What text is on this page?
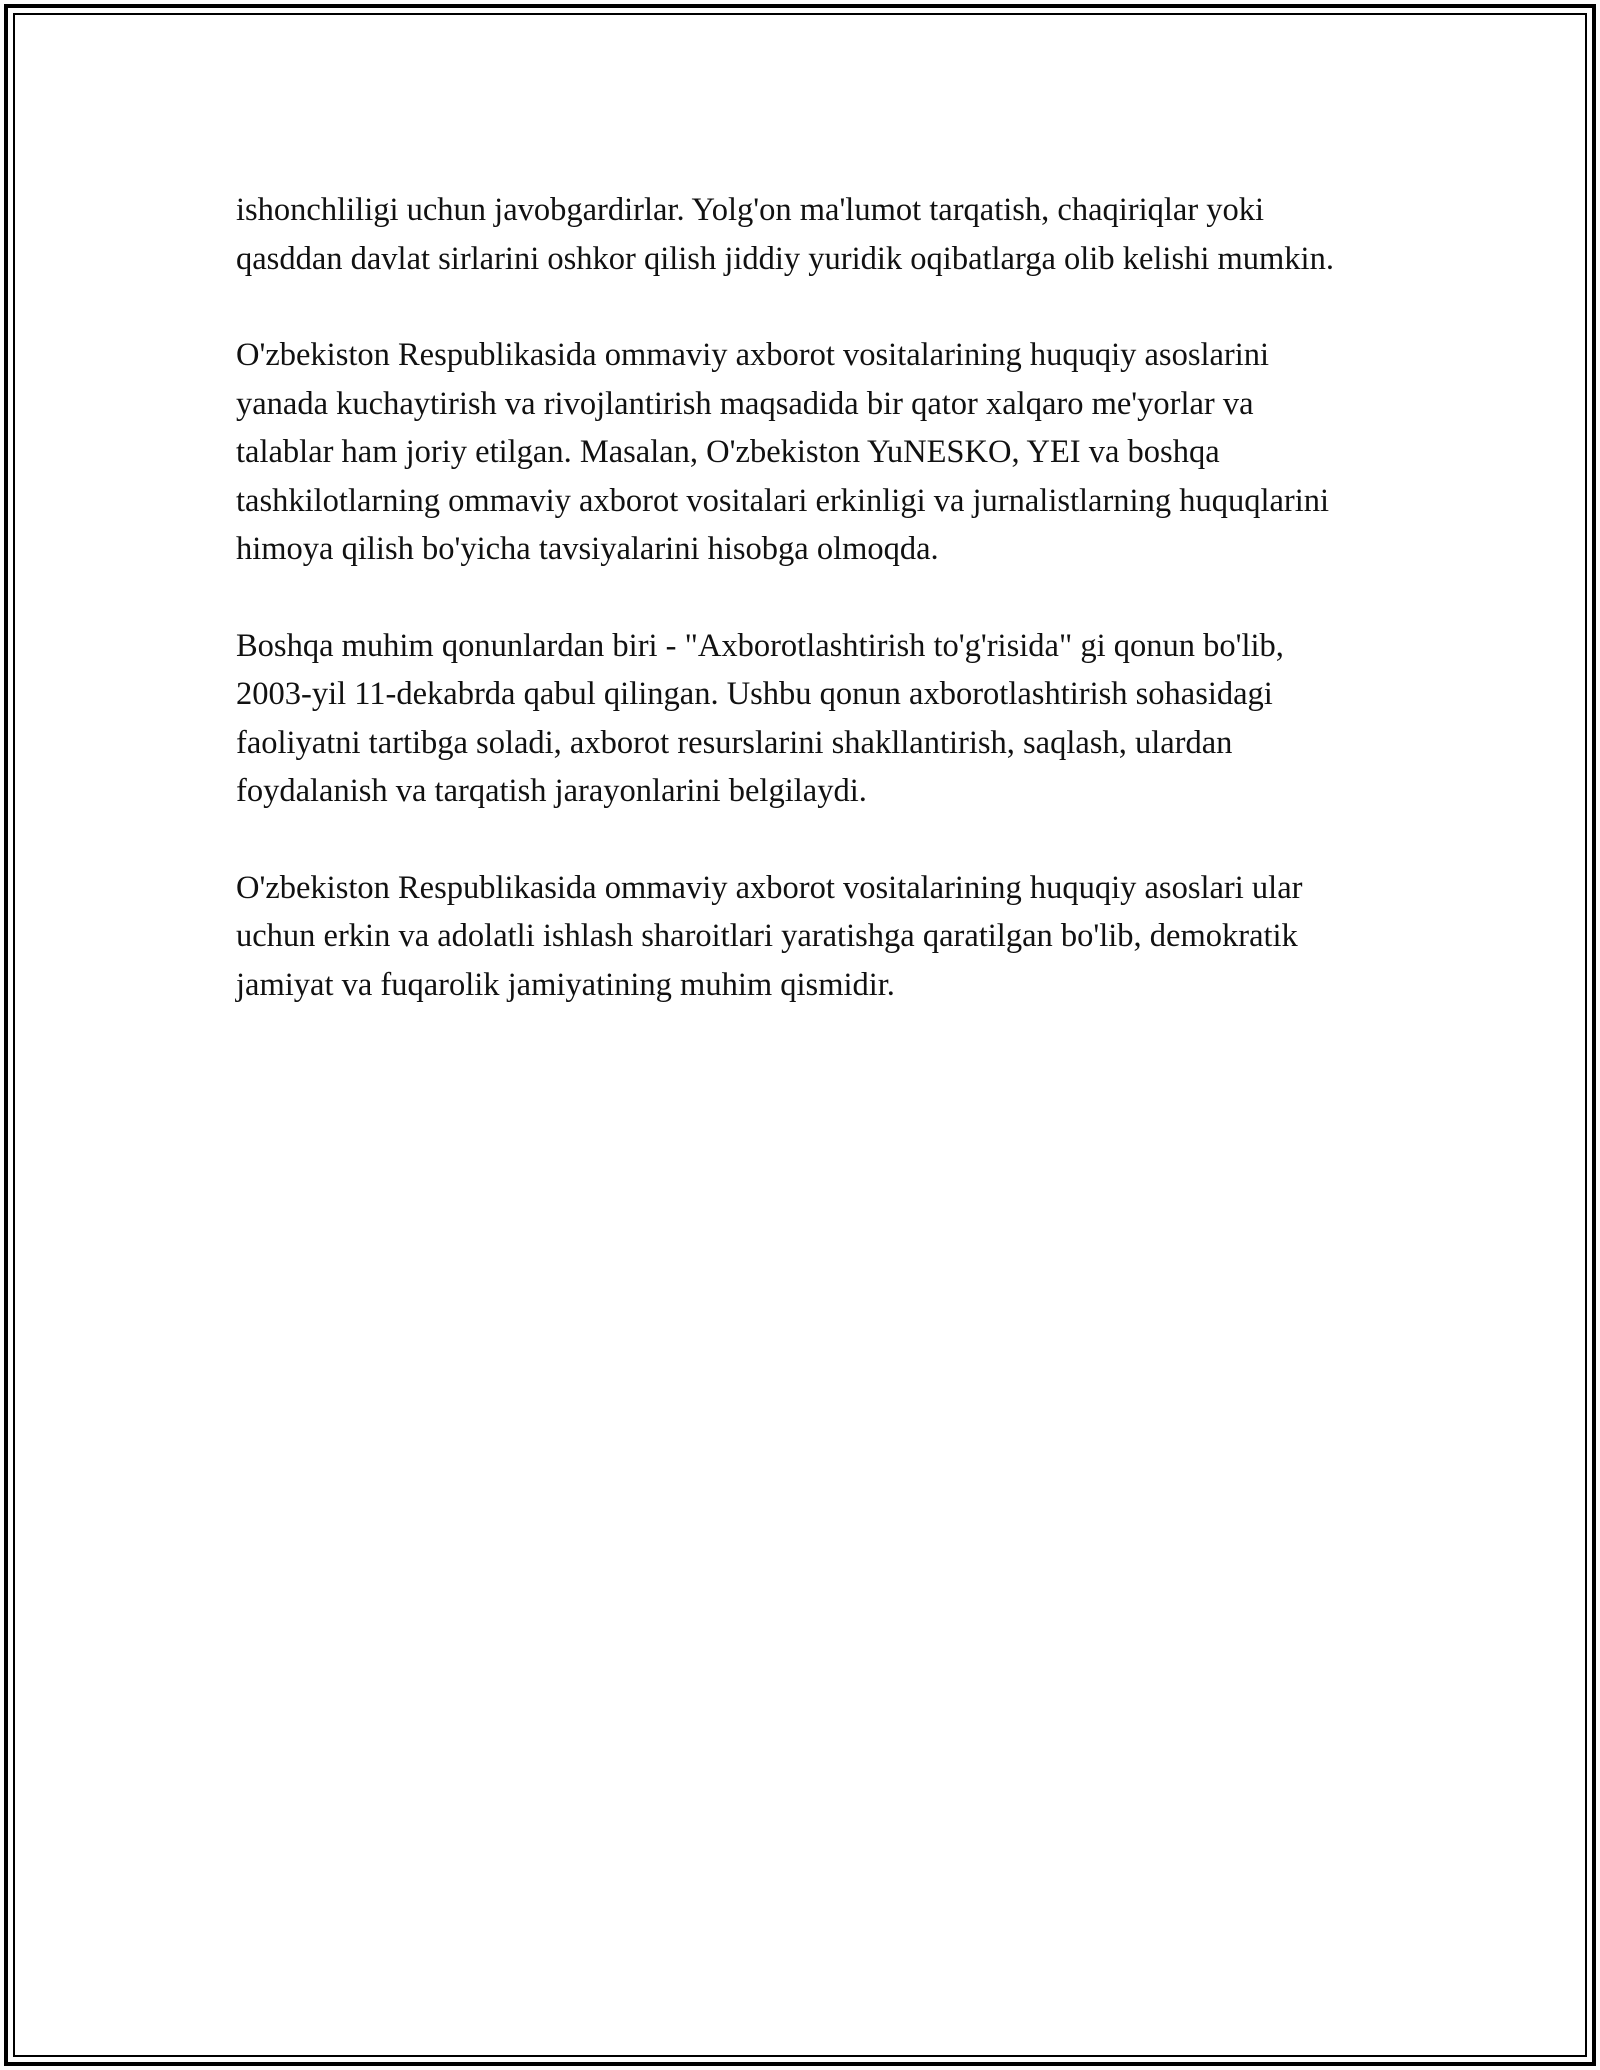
ishonchliligi uchun javobgardirlar. Yolg'on ma'lumot tarqatish, chaqiriqlar yoki qasddan davlat sirlarini oshkor qilish jiddiy yuridik oqibatlarga olib kelishi mumkin.

O'zbekiston Respublikasida ommaviy axborot vositalarining huquqiy asoslarini yanada kuchaytirish va rivojlantirish maqsadida bir qator xalqaro me'yorlar va talablar ham joriy etilgan. Masalan, O'zbekiston YuNESKO, YEI va boshqa tashkilotlarning ommaviy axborot vositalari erkinligi va jurnalistlarning huquqlarini himoya qilish bo'yicha tavsiyalarini hisobga olmoqda.

Boshqa muhim qonunlardan biri - "Axborotlashtirish to'g'risida" gi qonun bo'lib, 2003-yil 11-dekabrda qabul qilingan. Ushbu qonun axborotlashtirish sohasidagi faoliyatni tartibga soladi, axborot resurslarini shakllantirish, saqlash, ulardan foydalanish va tarqatish jarayonlarini belgilaydi.

O'zbekiston Respublikasida ommaviy axborot vositalarining huquqiy asoslari ular uchun erkin va adolatli ishlash sharoitlari yaratishga qaratilgan bo'lib, demokratik jamiyat va fuqarolik jamiyatining muhim qismidir.
